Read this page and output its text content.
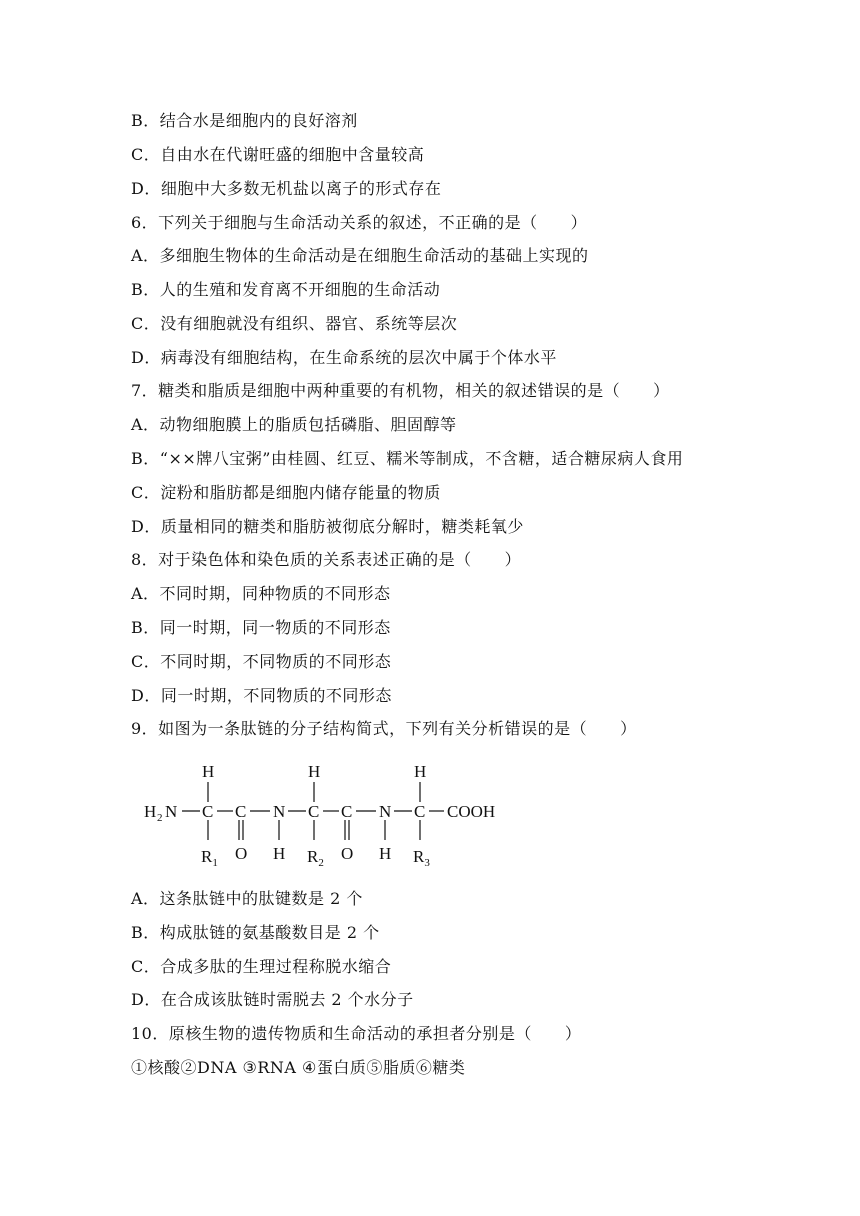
B．结合水是细胞内的良好溶剂
C．自由水在代谢旺盛的细胞中含量较高
D．细胞中大多数无机盐以离子的形式存在
6．下列关于细胞与生命活动关系的叙述，不正确的是（　　）
A．多细胞生物体的生命活动是在细胞生命活动的基础上实现的
B．人的生殖和发育离不开细胞的生命活动
C．没有细胞就没有组织、器官、系统等层次
D．病毒没有细胞结构，在生命系统的层次中属于个体水平
7．糖类和脂质是细胞中两种重要的有机物，相关的叙述错误的是（　　）
A．动物细胞膜上的脂质包括磷脂、胆固醇等
B．“××牌八宝粥”由桂圆、红豆、糯米等制成，不含糖，适合糖尿病人食用
C．淀粉和脂肪都是细胞内储存能量的物质
D．质量相同的糖类和脂肪被彻底分解时，糖类耗氧少
8．对于染色体和染色质的关系表述正确的是（　　）
A．不同时期，同种物质的不同形态
B．同一时期，同一物质的不同形态
C．不同时期，不同物质的不同形态
D．同一时期，不同物质的不同形态
9．如图为一条肽链的分子结构简式，下列有关分析错误的是（　　）
H	H	H
H 2 N C C N C C N C COOH
$R_1$ O H $R_2$ O H $R_3$
A．这条肽链中的肽键数是 2 个
B．构成肽链的氨基酸数目是 2 个
C．合成多肽的生理过程称脱水缩合
D．在合成该肽链时需脱去 2 个水分子
10．原核生物的遗传物质和生命活动的承担者分别是（　　）
①核酸②DNA ③RNA ④蛋白质⑤脂质⑥糖类
